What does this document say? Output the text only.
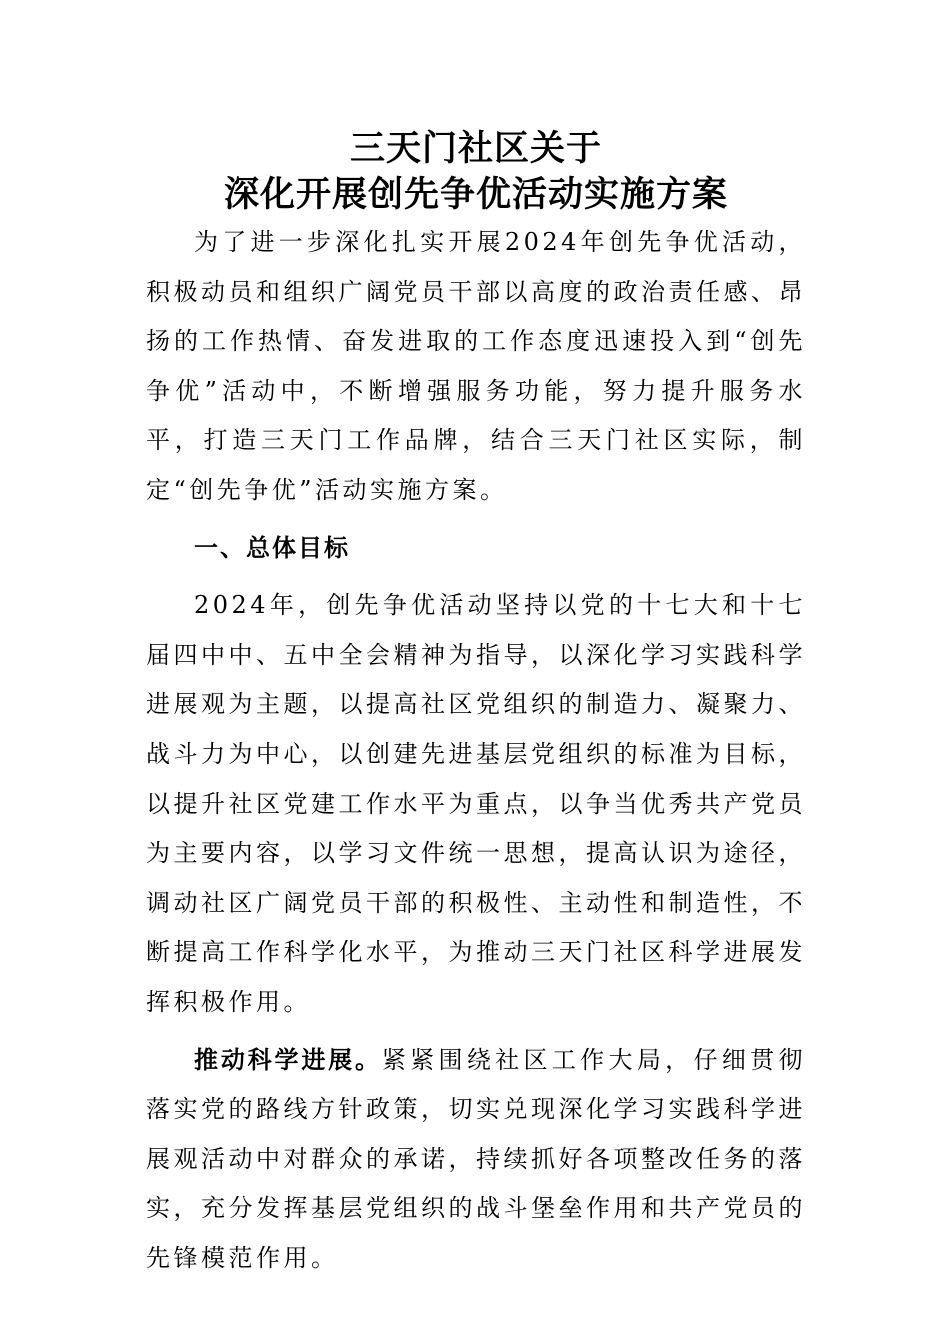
三天门社区关于
深化开展创先争优活动实施方案

为了进一步深化扎实开展2024年创先争优活动，积极动员和组织广阔党员干部以高度的政治责任感、昂扬的工作热情、奋发进取的工作态度迅速投入到“创先争优”活动中，不断增强服务功能，努力提升服务水平，打造三天门工作品牌，结合三天门社区实际，制定“创先争优”活动实施方案。

一、总体目标

2024年，创先争优活动坚持以党的十七大和十七届四中中、五中全会精神为指导，以深化学习实践科学进展观为主题，以提高社区党组织的制造力、凝聚力、战斗力为中心，以创建先进基层党组织的标准为目标，以提升社区党建工作水平为重点，以争当优秀共产党员为主要内容，以学习文件统一思想，提高认识为途径，调动社区广阔党员干部的积极性、主动性和制造性，不断提高工作科学化水平，为推动三天门社区科学进展发挥积极作用。

推动科学进展。紧紧围绕社区工作大局，仔细贯彻落实党的路线方针政策，切实兑现深化学习实践科学进展观活动中对群众的承诺，持续抓好各项整改任务的落实，充分发挥基层党组织的战斗堡垒作用和共产党员的先锋模范作用。
